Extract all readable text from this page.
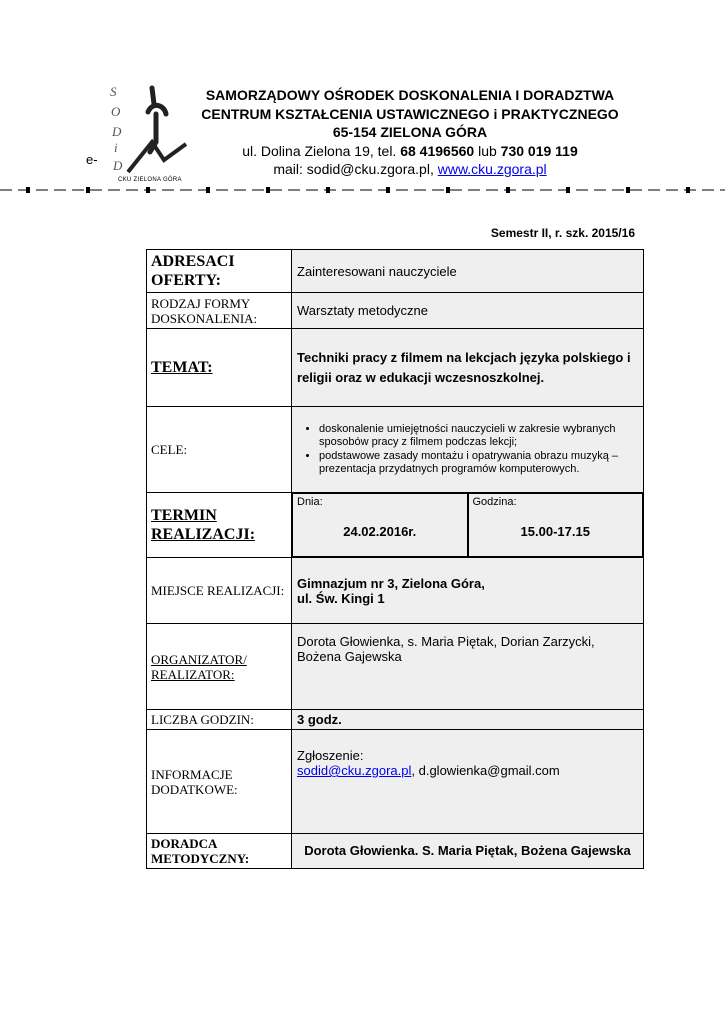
e-
S
O
D
i
D
CKU ZIELONA GÓRA
SAMORZĄDOWY OŚRODEK DOSKONALENIA I DORADZTWA
CENTRUM KSZTAŁCENIA USTAWICZNEGO i PRAKTYCZNEGO
65-154 ZIELONA GÓRA
ul. Dolina Zielona 19, tel. 68 4196560 lub 730 019 119
mail: sodid@cku.zgora.pl, www.cku.zgora.pl
Semestr II, r. szk. 2015/16
ADRESACI OFERTY:	Zainteresowani nauczyciele
RODZAJ FORMY DOSKONALENIA:	Warsztaty metodyczne
TEMAT:	Techniki pracy z filmem na lekcjach języka polskiego i religii oraz w edukacji wczesnoszkolnej.
CELE:	
• doskonalenie umiejętności nauczycieli w zakresie wybranych sposobów pracy z filmem podczas lekcji;
• podstawowe zasady montażu i opatrywania obrazu muzyką – prezentacja przydatnych programów komputerowych.

TERMIN REALIZACJI:	
Dnia:
24.02.2016r.

Godzina:
15.00-17.15

MIEJSCE REALIZACJI:	Gimnazjum nr 3, Zielona Góra,
ul. Św. Kingi 1

ORGANIZATOR/ REALIZATOR:	Dorota Głowienka, s. Maria Piętak, Dorian Zarzycki, Bożena Gajewska
LICZBA GODZIN:	3 godz.
INFORMACJE DODATKOWE:	
Zgłoszenie:
sodid@cku.zgora.pl, d.glowienka@gmail.com

DORADCA METODYCZNY:	Dorota Głowienka. S. Maria Piętak, Bożena Gajewska
